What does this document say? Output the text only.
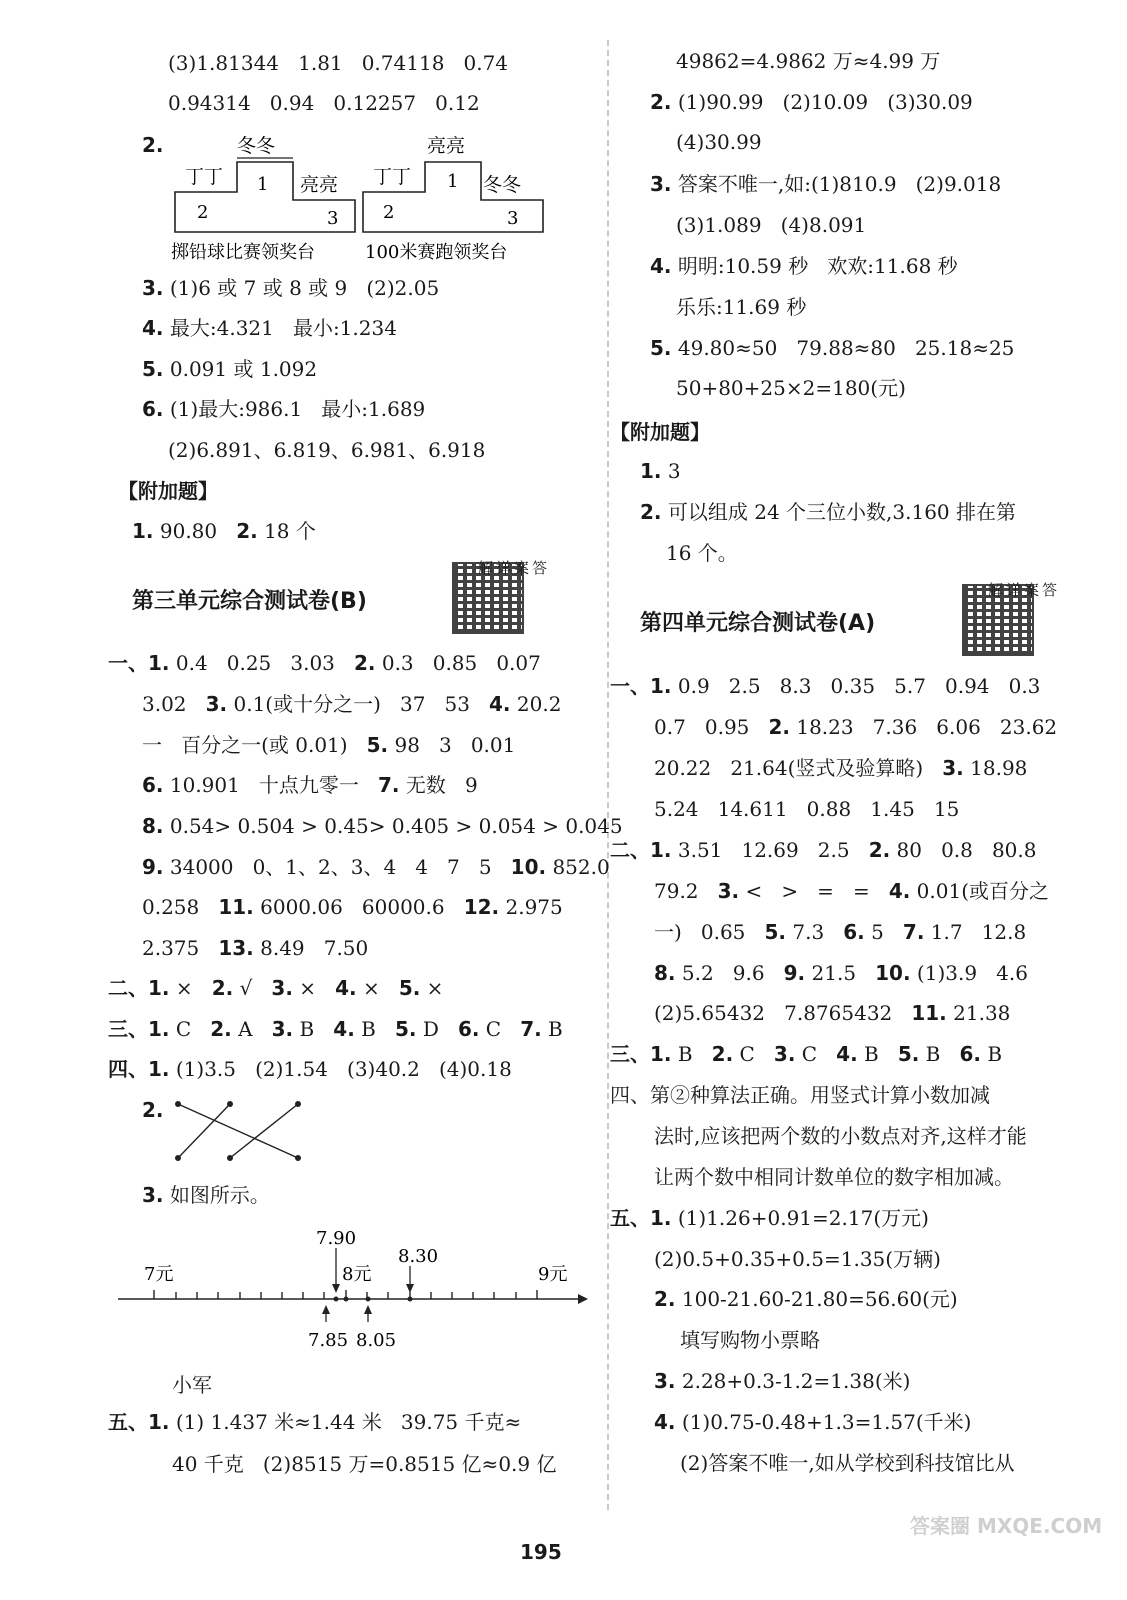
(3)1.81344   1.81   0.74118   0.74
0.94314   0.94   0.12257   0.12
2.	冬冬
丁丁	亮亮
1
2	3
掷铅球比赛领奖台
亮亮
丁丁	冬冬
1
2	3
100米赛跑领奖台
3. (1)6 或 7 或 8 或 9   (2)2.05
4. 最大:4.321   最小:1.234
5. 0.091 或 1.092
6. (1)最大:986.1   最小:1.689
(2)6.891、6.819、6.981、6.918
【附加题】
1. 90.80   2. 18 个
第三单元综合测试卷(B)
答案详解
一、1. 0.4   0.25   3.03   2. 0.3   0.85   0.07
3.02   3. 0.1(或十分之一)   37   53   4. 20.2
一   百分之一(或 0.01)   5. 98   3   0.01
6. 10.901   十点九零一   7. 无数   9
8. 0.54> 0.504 > 0.45> 0.405 > 0.054 > 0.045
9. 34000   0、1、2、3、4   4   7   5   10. 852.0
0.258   11. 6000.06   60000.6   12. 2.975
2.375   13. 8.49   7.50
二、1. ×   2. √   3. ×   4. ×   5. ×
三、1. C   2. A   3. B   4. B   5. D   6. C   7. B
四、1. (1)3.5   (2)1.54   (3)40.2   (4)0.18
2.
3. 如图所示。
7元	8元	9元
7.90
8.30
7.85 8.05
小军
五、1. (1) 1.437 米≈1.44 米   39.75 千克≈
40 千克   (2)8515 万=0.8515 亿≈0.9 亿
49862=4.9862 万≈4.99 万
2. (1)90.99   (2)10.09   (3)30.09
(4)30.99
3. 答案不唯一,如:(1)810.9   (2)9.018
(3)1.089   (4)8.091
4. 明明:10.59 秒   欢欢:11.68 秒
乐乐:11.69 秒
5. 49.80≈50   79.88≈80   25.18≈25
50+80+25×2=180(元)
【附加题】
1. 3
2. 可以组成 24 个三位小数,3.160 排在第
16 个。
第四单元综合测试卷(A)
答案详解
一、1. 0.9   2.5   8.3   0.35   5.7   0.94   0.3
0.7   0.95   2. 18.23   7.36   6.06   23.62
20.22   21.64(竖式及验算略)   3. 18.98
5.24   14.611   0.88   1.45   15
二、1. 3.51   12.69   2.5   2. 80   0.8   80.8
79.2   3. <   >   =   =   4. 0.01(或百分之
一)   0.65   5. 7.3   6. 5   7. 1.7   12.8
8. 5.2   9.6   9. 21.5   10. (1)3.9   4.6
(2)5.65432   7.8765432   11. 21.38
三、1. B   2. C   3. C   4. B   5. B   6. B
四、第②种算法正确。用竖式计算小数加减
法时,应该把两个数的小数点对齐,这样才能
让两个数中相同计数单位的数字相加减。
五、1. (1)1.26+0.91=2.17(万元)
(2)0.5+0.35+0.5=1.35(万辆)
2. 100-21.60-21.80=56.60(元)
填写购物小票略
3. 2.28+0.3-1.2=1.38(米)
4. (1)0.75-0.48+1.3=1.57(千米)
(2)答案不唯一,如从学校到科技馆比从
195
答案圈 MXQE.COM
